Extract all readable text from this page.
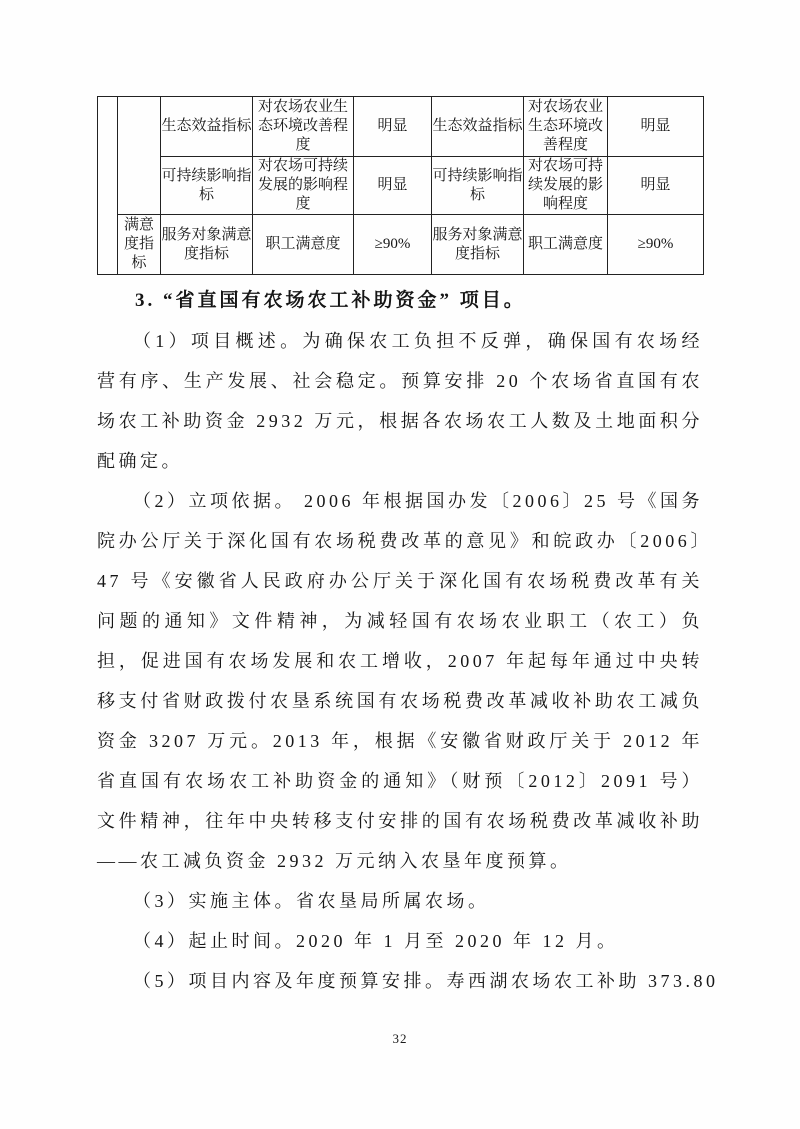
		生态效益指标	对农场农业生态环境改善程度	明显	生态效益指标	对农场农业生态环境改善程度	明显
		可持续影响指标	对农场可持续发展的影响程度	明显	可持续影响指标	对农场可持续发展的影响程度	明显
	满意度指标	服务对象满意度指标	职工满意度	≥90%	服务对象满意度指标	职工满意度	≥90%
3. “省直国有农场农工补助资金” 项目。

（1）项目概述。为确保农工负担不反弹，确保国有农场经营有序、生产发展、社会稳定。预算安排 20 个农场省直国有农场农工补助资金 2932 万元，根据各农场农工人数及土地面积分配确定。

（2）立项依据。 2006 年根据国办发〔2006〕25 号《国务院办公厅关于深化国有农场税费改革的意见》和皖政办〔2006〕47 号《安徽省人民政府办公厅关于深化国有农场税费改革有关问题的通知》文件精神，为减轻国有农场农业职工（农工）负担，促进国有农场发展和农工增收，2007 年起每年通过中央转移支付省财政拨付农垦系统国有农场税费改革减收补助农工减负资金 3207 万元。2013 年，根据《安徽省财政厅关于 2012 年省直国有农场农工补助资金的通知》（财预〔2012〕2091 号）文件精神，往年中央转移支付安排的国有农场税费改革减收补助——农工减负资金 2932 万元纳入农垦年度预算。

（3）实施主体。省农垦局所属农场。

（4）起止时间。2020 年 1 月至 2020 年 12 月。

（5）项目内容及年度预算安排。寿西湖农场农工补助 373.80

32
